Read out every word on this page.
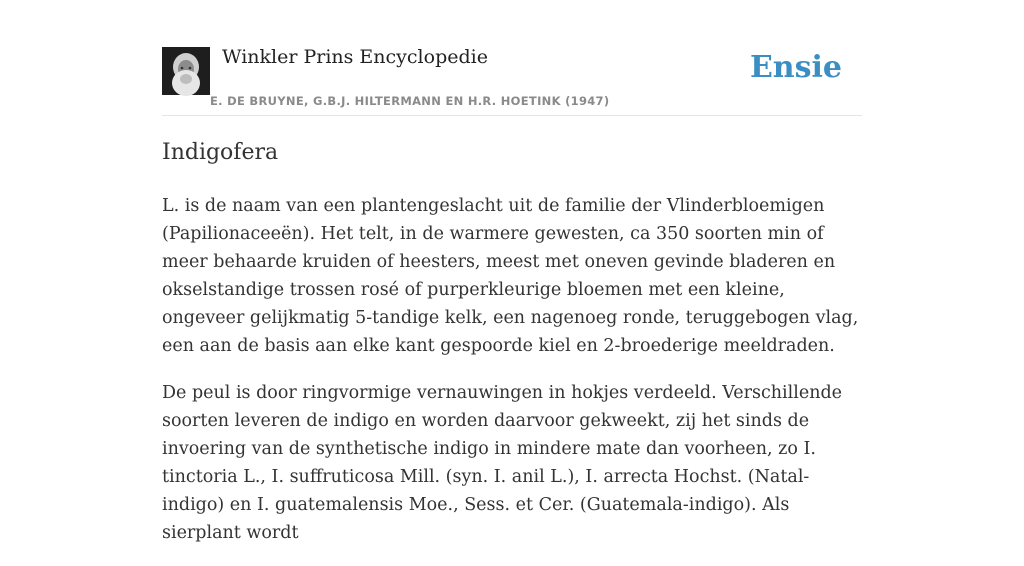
Winkler Prins Encyclopedie
E. DE BRUYNE, G.B.J. HILTERMANN EN H.R. HOETINK (1947)
Ensie
Indigofera

L. is de naam van een plantengeslacht uit de familie der Vlinderbloemigen (Papilionaceeën). Het telt, in de warmere gewesten, ca 350 soorten min of meer behaarde kruiden of heesters, meest met oneven gevinde bladeren en okselstandige trossen rosé of purperkleurige bloemen met een kleine, ongeveer gelijkmatig 5-tandige kelk, een nagenoeg ronde, teruggebogen vlag, een aan de basis aan elke kant gespoorde kiel en 2-broederige meeldraden.

De peul is door ringvormige vernauwingen in hokjes verdeeld. Verschillende soorten leveren de indigo en worden daarvoor gekweekt, zij het sinds de invoering van de synthetische indigo in mindere mate dan voorheen, zo I. tinctoria L., I. suffruticosa Mill. (syn. I. anil L.), I. arrecta Hochst. (Natal-indigo) en I. guatemalensis Moe., Sess. et Cer. (Guatemala-indigo). Als sierplant wordt
